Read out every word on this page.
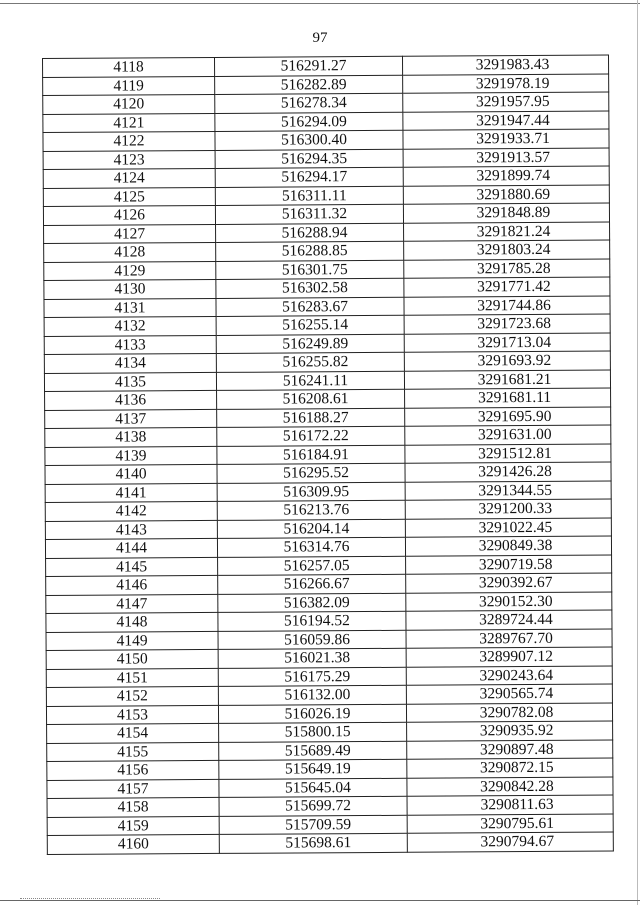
97
4118	516291.27	3291983.43
4119	516282.89	3291978.19
4120	516278.34	3291957.95
4121	516294.09	3291947.44
4122	516300.40	3291933.71
4123	516294.35	3291913.57
4124	516294.17	3291899.74
4125	516311.11	3291880.69
4126	516311.32	3291848.89
4127	516288.94	3291821.24
4128	516288.85	3291803.24
4129	516301.75	3291785.28
4130	516302.58	3291771.42
4131	516283.67	3291744.86
4132	516255.14	3291723.68
4133	516249.89	3291713.04
4134	516255.82	3291693.92
4135	516241.11	3291681.21
4136	516208.61	3291681.11
4137	516188.27	3291695.90
4138	516172.22	3291631.00
4139	516184.91	3291512.81
4140	516295.52	3291426.28
4141	516309.95	3291344.55
4142	516213.76	3291200.33
4143	516204.14	3291022.45
4144	516314.76	3290849.38
4145	516257.05	3290719.58
4146	516266.67	3290392.67
4147	516382.09	3290152.30
4148	516194.52	3289724.44
4149	516059.86	3289767.70
4150	516021.38	3289907.12
4151	516175.29	3290243.64
4152	516132.00	3290565.74
4153	516026.19	3290782.08
4154	515800.15	3290935.92
4155	515689.49	3290897.48
4156	515649.19	3290872.15
4157	515645.04	3290842.28
4158	515699.72	3290811.63
4159	515709.59	3290795.61
4160	515698.61	3290794.67
